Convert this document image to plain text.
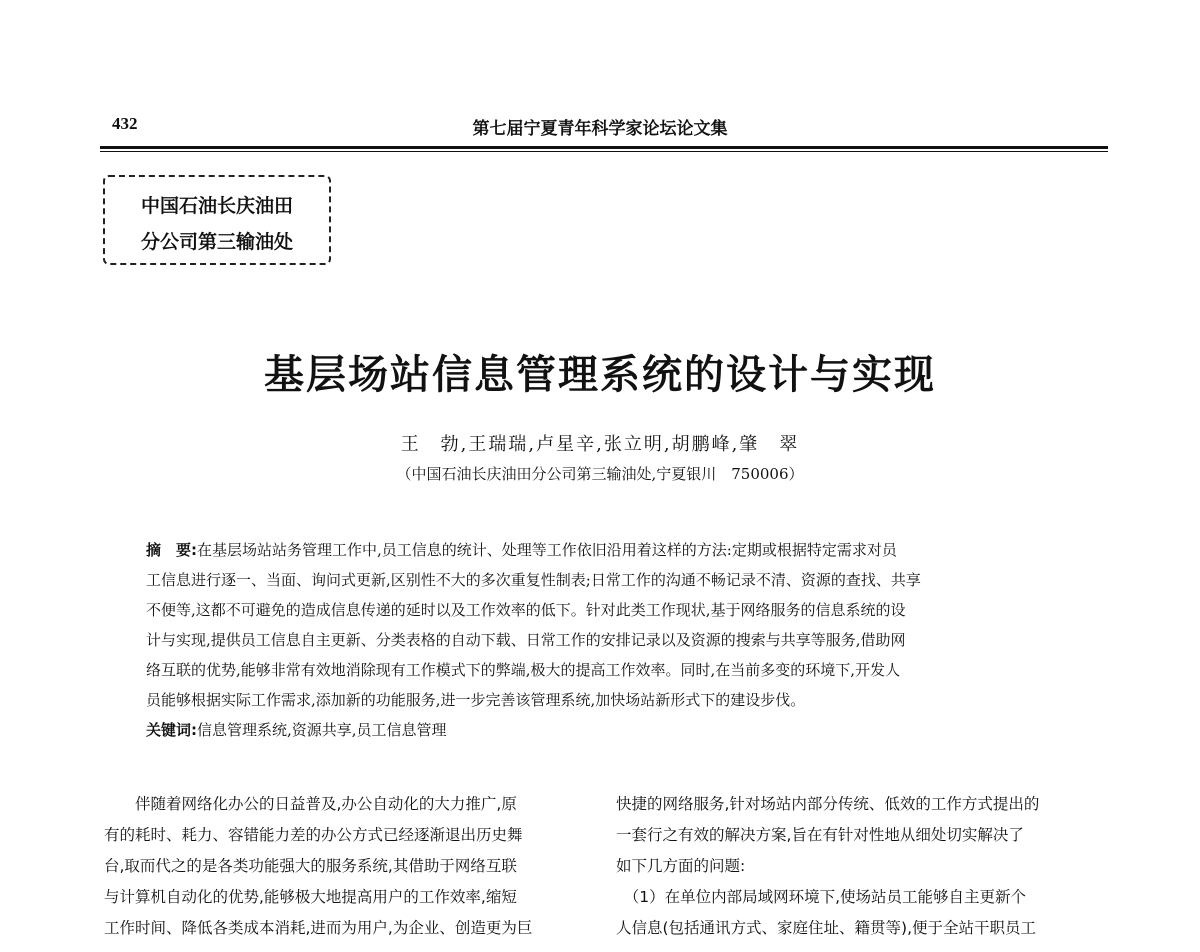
432	第七届宁夏青年科学家论坛论文集
中国石油长庆油田
分公司第三输油处
基层场站信息管理系统的设计与实现
王　勃,王瑞瑞,卢星辛,张立明,胡鹏峰,肇　翠
（中国石油长庆油田分公司第三输油处,宁夏银川　750006）
摘　要:在基层场站站务管理工作中,员工信息的统计、处理等工作依旧沿用着这样的方法:定期或根据特定需求对员
工信息进行逐一、当面、询问式更新,区别性不大的多次重复性制表;日常工作的沟通不畅记录不清、资源的查找、共享
不便等,这都不可避免的造成信息传递的延时以及工作效率的低下。针对此类工作现状,基于网络服务的信息系统的设
计与实现,提供员工信息自主更新、分类表格的自动下载、日常工作的安排记录以及资源的搜索与共享等服务,借助网
络互联的优势,能够非常有效地消除现有工作模式下的弊端,极大的提高工作效率。同时,在当前多变的环境下,开发人
员能够根据实际工作需求,添加新的功能服务,进一步完善该管理系统,加快场站新形式下的建设步伐。
关键词:信息管理系统,资源共享,员工信息管理
　　伴随着网络化办公的日益普及,办公自动化的大力推广,原
有的耗时、耗力、容错能力差的办公方式已经逐渐退出历史舞
台,取而代之的是各类功能强大的服务系统,其借助于网络互联
与计算机自动化的优势,能够极大地提高用户的工作效率,缩短
工作时间、降低各类成本消耗,进而为用户,为企业、创造更为巨
快捷的网络服务,针对场站内部分传统、低效的工作方式提出的
一套行之有效的解决方案,旨在有针对性地从细处切实解决了
如下几方面的问题:
　（1）在单位内部局域网环境下,使场站员工能够自主更新个
人信息(包括通讯方式、家庭住址、籍贯等),便于全站干职员工
